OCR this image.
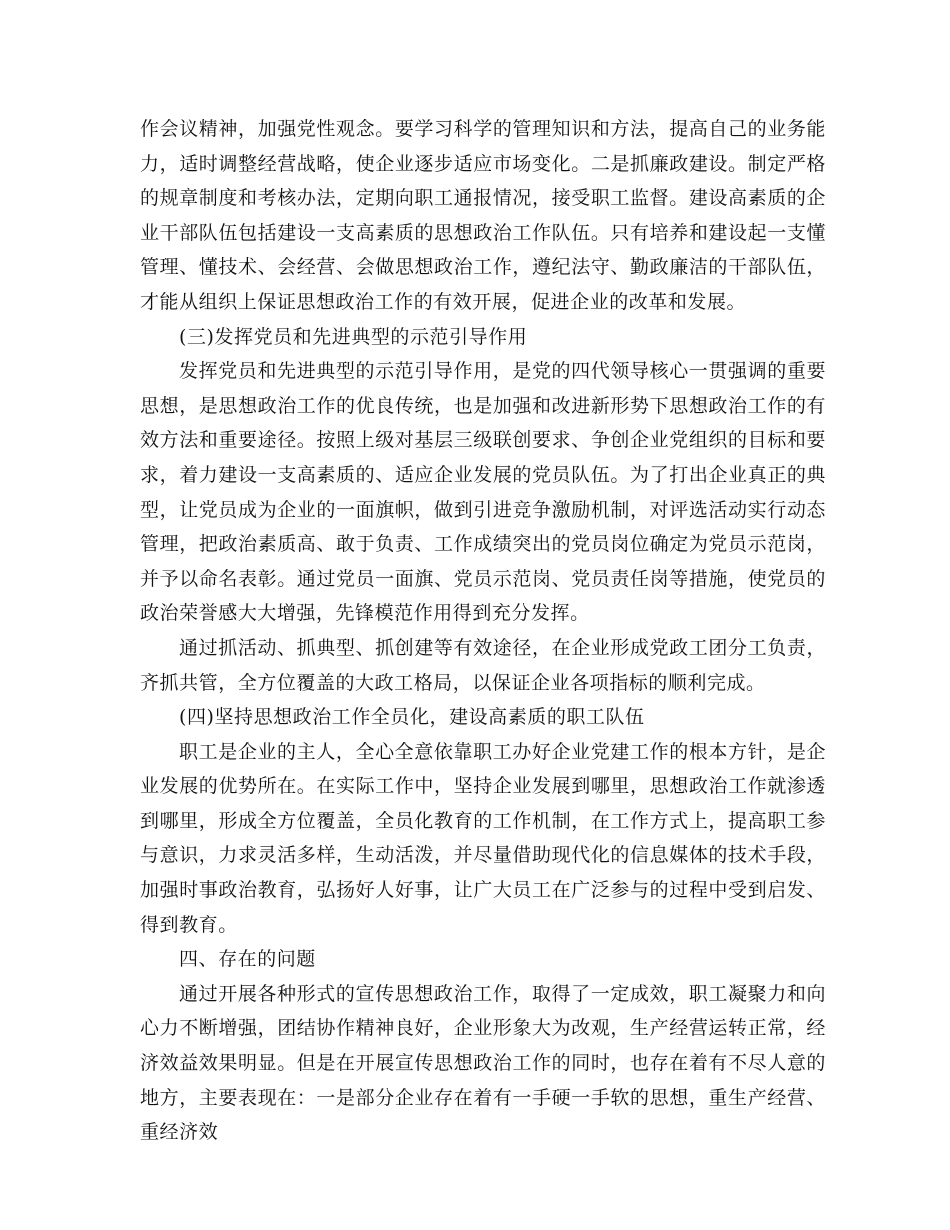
作会议精神，加强党性观念。要学习科学的管理知识和方法，提高自己的业务能力，适时调整经营战略，使企业逐步适应市场变化。二是抓廉政建设。制定严格的规章制度和考核办法，定期向职工通报情况，接受职工监督。建设高素质的企业干部队伍包括建设一支高素质的思想政治工作队伍。只有培养和建设起一支懂管理、懂技术、会经营、会做思想政治工作，遵纪法守、勤政廉洁的干部队伍，才能从组织上保证思想政治工作的有效开展，促进企业的改革和发展。

(三)发挥党员和先进典型的示范引导作用

发挥党员和先进典型的示范引导作用，是党的四代领导核心一贯强调的重要思想，是思想政治工作的优良传统，也是加强和改进新形势下思想政治工作的有效方法和重要途径。按照上级对基层三级联创要求、争创企业党组织的目标和要求，着力建设一支高素质的、适应企业发展的党员队伍。为了打出企业真正的典型，让党员成为企业的一面旗帜，做到引进竞争激励机制，对评选活动实行动态管理，把政治素质高、敢于负责、工作成绩突出的党员岗位确定为党员示范岗，并予以命名表彰。通过党员一面旗、党员示范岗、党员责任岗等措施，使党员的政治荣誉感大大增强，先锋模范作用得到充分发挥。

通过抓活动、抓典型、抓创建等有效途径，在企业形成党政工团分工负责，齐抓共管，全方位覆盖的大政工格局，以保证企业各项指标的顺利完成。

(四)坚持思想政治工作全员化，建设高素质的职工队伍

职工是企业的主人，全心全意依靠职工办好企业党建工作的根本方针，是企业发展的优势所在。在实际工作中，坚持企业发展到哪里，思想政治工作就渗透到哪里，形成全方位覆盖，全员化教育的工作机制，在工作方式上，提高职工参与意识，力求灵活多样，生动活泼，并尽量借助现代化的信息媒体的技术手段，加强时事政治教育，弘扬好人好事，让广大员工在广泛参与的过程中受到启发、得到教育。

四、存在的问题

通过开展各种形式的宣传思想政治工作，取得了一定成效，职工凝聚力和向心力不断增强，团结协作精神良好，企业形象大为改观，生产经营运转正常，经济效益效果明显。但是在开展宣传思想政治工作的同时，也存在着有不尽人意的地方，主要表现在：一是部分企业存在着有一手硬一手软的思想，重生产经营、重经济效
